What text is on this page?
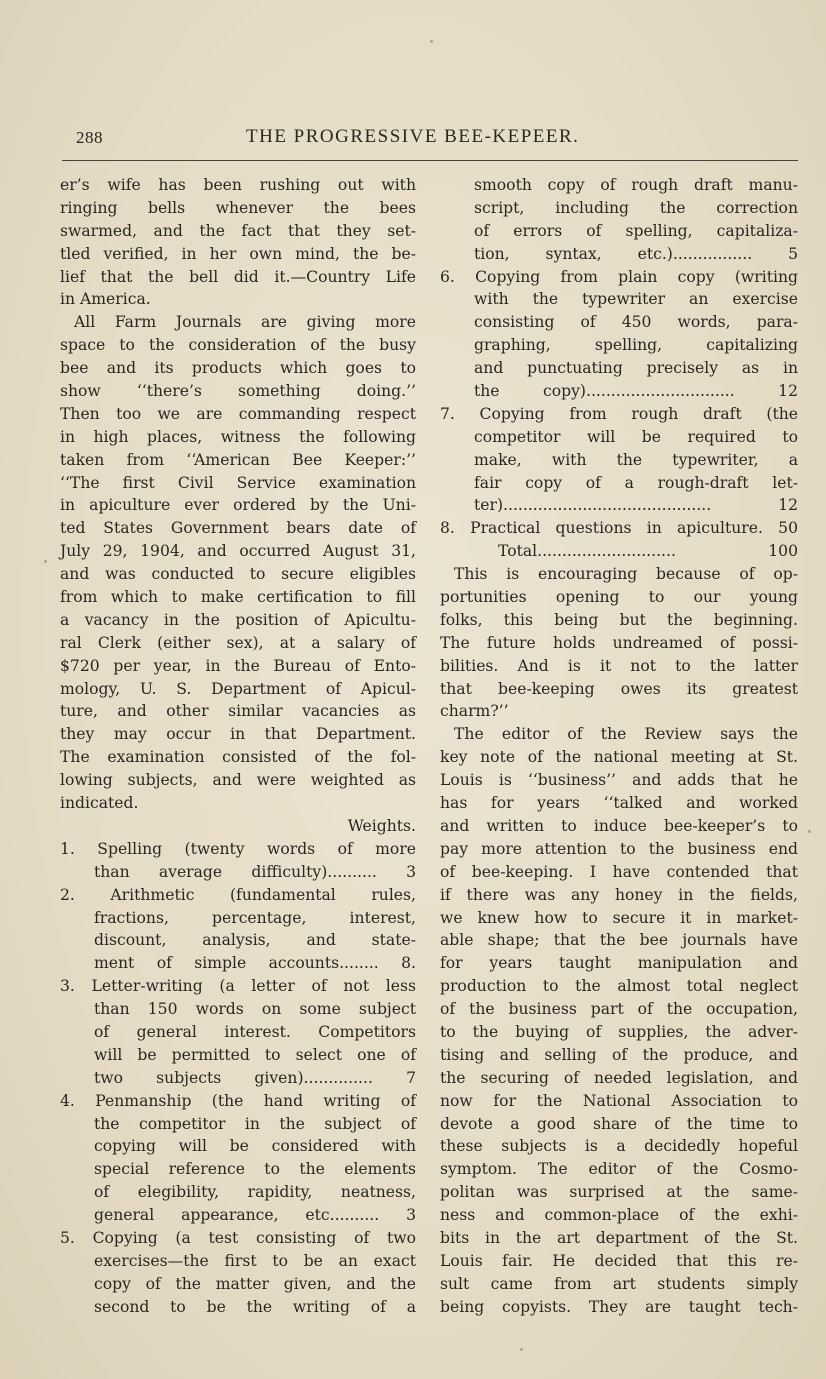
288	THE PROGRESSIVE BEE-KEPEER.
er’s wife has been rushing out with
ringing bells whenever the bees
swarmed, and the fact that they set-
tled verified, in her own mind, the be-
lief that the bell did it.—Country Life
in America.
All Farm Journals are giving more
space to the consideration of the busy
bee and its products which goes to
show ‘‘there’s something doing.’’
Then too we are commanding respect
in high places, witness the following
taken from ‘‘American Bee Keeper:’’
‘‘The first Civil Service examination
in apiculture ever ordered by the Uni-
ted States Government bears date of
July 29, 1904, and occurred August 31,
and was conducted to secure eligibles
from which to make certification to fill
a vacancy in the position of Apicultu-
ral Clerk (either sex), at a salary of
$720 per year, in the Bureau of Ento-
mology, U. S. Department of Apicul-
ture, and other similar vacancies as
they may occur in that Department.
The examination consisted of the fol-
lowing subjects, and were weighted as
indicated.
Weights.
1. Spelling (twenty words of more
than average difficulty).......... 3
2. Arithmetic (fundamental rules,
fractions, percentage, interest,
discount, analysis, and state-
ment of simple accounts........ 8.
3. Letter-writing (a letter of not less
than 150 words on some subject
of general interest. Competitors
will be permitted to select one of
two subjects given).............. 7
4. Penmanship (the hand writing of
the competitor in the subject of
copying will be considered with
special reference to the elements
of elegibility, rapidity, neatness,
general appearance, etc.......... 3
5. Copying (a test consisting of two
exercises—the first to be an exact
copy of the matter given, and the
second to be the writing of a
smooth copy of rough draft manu-
script, including the correction
of errors of spelling, capitaliza-
tion, syntax, etc.)................ 5
6. Copying from plain copy (writing
with the typewriter an exercise
consisting of 450 words, para-
graphing, spelling, capitalizing
and punctuating precisely as in
the copy).............................. 12
7. Copying from rough draft (the
competitor will be required to
make, with the typewriter, a
fair copy of a rough-draft let-
ter).......................................... 12
8. Practical questions in apiculture. 50
Total............................ 100
This is encouraging because of op-
portunities opening to our young
folks, this being but the beginning.
The future holds undreamed of possi-
bilities. And is it not to the latter
that bee-keeping owes its greatest
charm?’’
The editor of the Review says the
key note of the national meeting at St.
Louis is ‘‘business’’ and adds that he
has for years ‘‘talked and worked
and written to induce bee-keeper’s to
pay more attention to the business end
of bee-keeping. I have contended that
if there was any honey in the fields,
we knew how to secure it in market-
able shape; that the bee journals have
for years taught manipulation and
production to the almost total neglect
of the business part of the occupation,
to the buying of supplies, the adver-
tising and selling of the produce, and
the securing of needed legislation, and
now for the National Association to
devote a good share of the time to
these subjects is a decidedly hopeful
symptom. The editor of the Cosmo-
politan was surprised at the same-
ness and common-place of the exhi-
bits in the art department of the St.
Louis fair. He decided that this re-
sult came from art students simply
being copyists. They are taught tech-
